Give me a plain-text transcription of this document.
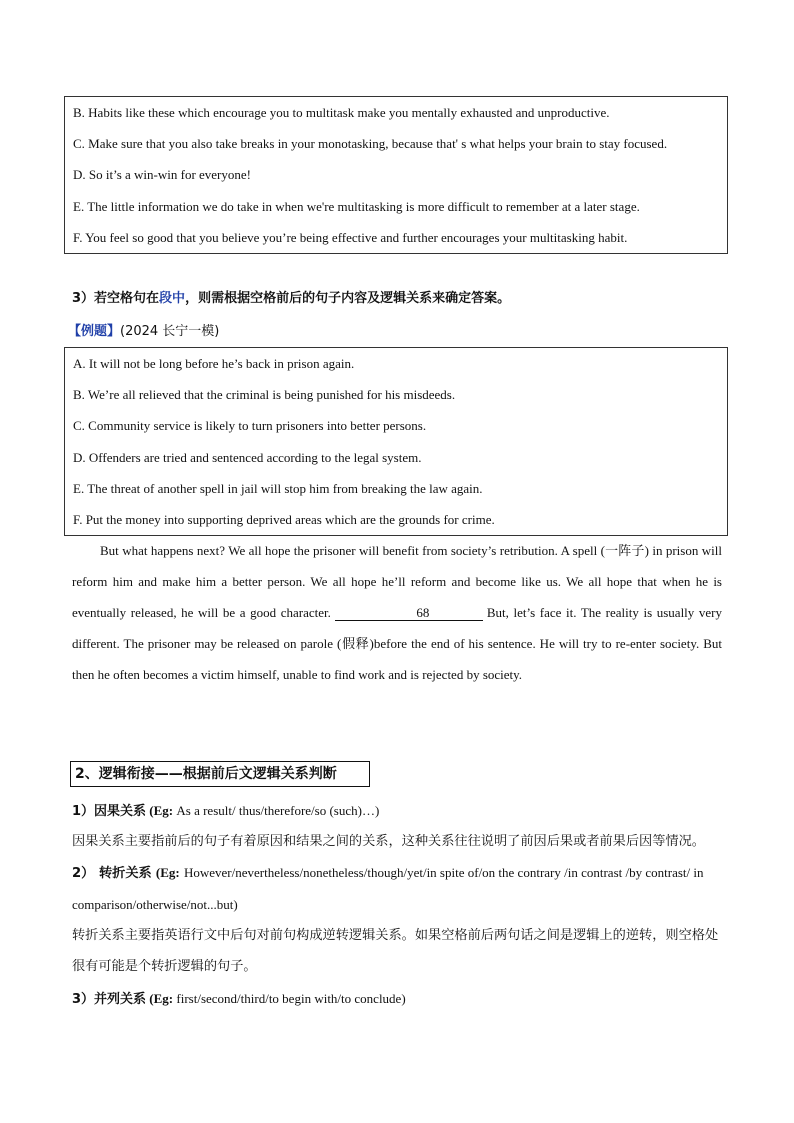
B. Habits like these which encourage you to multitask make you mentally exhausted and unproductive.
C. Make sure that you also take breaks in your monotasking, because that' s what helps your brain to stay focused.
D. So it’s a win-win for everyone!
E. The little information we do take in when we're multitasking is more difficult to remember at a later stage.
F. You feel so good that you believe you’re being effective and further encourages your multitasking habit.
3）若空格句在段中，则需根据空格前后的句子内容及逻辑关系来确定答案。
【例题】(2024 长宁一模)
A. It will not be long before he’s back in prison again.
B. We’re all relieved that the criminal is being punished for his misdeeds.
C. Community service is likely to turn prisoners into better persons.
D. Offenders are tried and sentenced according to the legal system.
E. The threat of another spell in jail will stop him from breaking the law again.
F. Put the money into supporting deprived areas which are the grounds for crime.
But what happens next? We all hope the prisoner will benefit from society’s retribution. A spell (一阵子) in prison will reform him and make him a better person. We all hope he’ll reform and become like us. We all hope that when he is eventually released, he will be a good character.	68	But, let’s face it. The reality is usually very different. The prisoner may be released on parole (假释)before the end of his sentence. He will try to re-enter society. But then he often becomes a victim himself, unable to find work and is rejected by society.
2、逻辑衔接——根据前后文逻辑关系判断
1）因果关系 (Eg: As a result/ thus/therefore/so (such)…)
因果关系主要指前后的句子有着原因和结果之间的关系，这种关系往往说明了前因后果或者前果后因等情况。2） 转折关系 (Eg: However/nevertheless/nonetheless/though/yet/in spite of/on the contrary /in contrast /by contrast/ in comparison/otherwise/not...but)
转折关系主要指英语行文中后句对前句构成逆转逻辑关系。如果空格前后两句话之间是逻辑上的逆转，则空格处很有可能是个转折逻辑的句子。
3）并列关系 (Eg: first/second/third/to begin with/to conclude)
